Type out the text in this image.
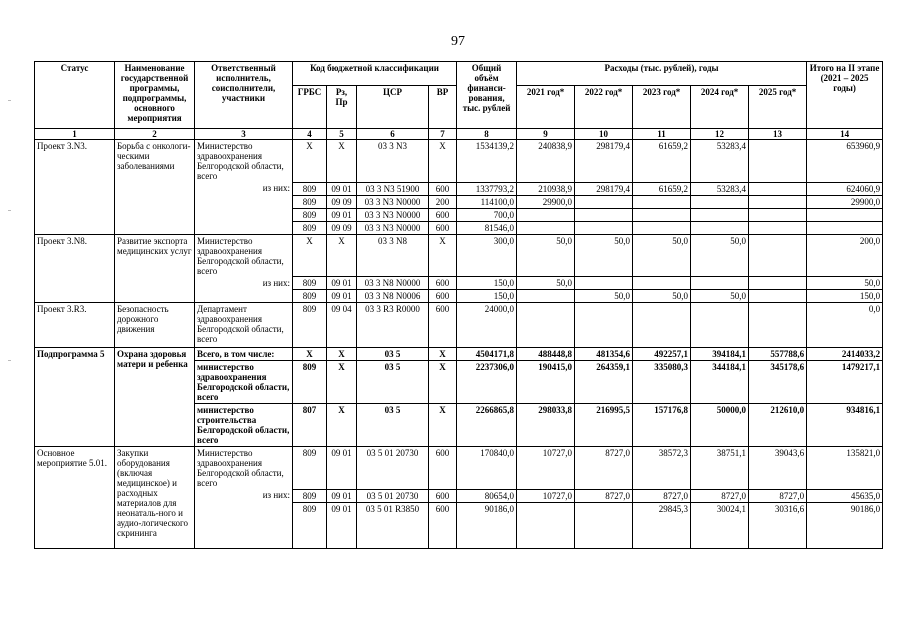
97
Статус	Наименование государственной программы, подпрограммы, основного мероприятия	Ответственный исполнитель, соисполнители, участники	Код бюджетной классификации				Общий объём финанси-рования, тыс. рублей	Расходы (тыс. рублей), годы					Итого на II этапе (2021 – 2025 годы)
			ГРБС	Рз, Пр	ЦСР	ВР		2021 год*	2022 год*	2023 год*	2024 год*	2025 год*	
1	2	3	4	5	6	7	8	9	10	11	12	13	14
Проект 3.N3.	Борьба с онкологи-ческими заболеваниями	Министерство здравоохранения Белгородской области, всего	X	X	03 3 N3	X	1534139,2	240838,9	298179,4	61659,2	53283,4		653960,9
		из них:	809	09 01	03 3 N3 51900	600	1337793,2	210938,9	298179,4	61659,2	53283,4		624060,9
			809	09 09	03 3 N3 N0000	200	114100,0	29900,0					29900,0
			809	09 01	03 3 N3 N0000	600	700,0						
			809	09 09	03 3 N3 N0000	600	81546,0						
Проект 3.N8.	Развитие экспорта медицинских услуг	Министерство здравоохранения Белгородской области, всего	X	X	03 3 N8	X	300,0	50,0	50,0	50,0	50,0		200,0
		из них:	809	09 01	03 3 N8 N0000	600	150,0	50,0					50,0
			809	09 01	03 3 N8 N0006	600	150,0		50,0	50,0	50,0		150,0
Проект 3.R3.	Безопасность дорожного движения	Департамент здравоохранения Белгородской области, всего	809	09 04	03 3 R3 R0000	600	24000,0						0,0
Подпрограмма 5	Охрана здоровья матери и ребенка	Всего, в том числе:	X	X	03 5	X	4504171,8	488448,8	481354,6	492257,1	394184,1	557788,6	2414033,2
		министерство здравоохранения Белгородской области, всего	809	X	03 5	X	2237306,0	190415,0	264359,1	335080,3	344184,1	345178,6	1479217,1
		министерство строительства Белгородской области, всего	807	X	03 5	X	2266865,8	298033,8	216995,5	157176,8	50000,0	212610,0	934816,1
Основное мероприятие 5.01.	Закупки оборудования (включая медицинское) и расходных материалов для неонаталь-ного и аудио-логического скрининга	Министерство здравоохранения Белгородской области, всего	809	09 01	03 5 01 20730	600	170840,0	10727,0	8727,0	38572,3	38751,1	39043,6	135821,0
		из них:	809	09 01	03 5 01 20730	600	80654,0	10727,0	8727,0	8727,0	8727,0	8727,0	45635,0
			809	09 01	03 5 01 R3850	600	90186,0			29845,3	30024,1	30316,6	90186,0
